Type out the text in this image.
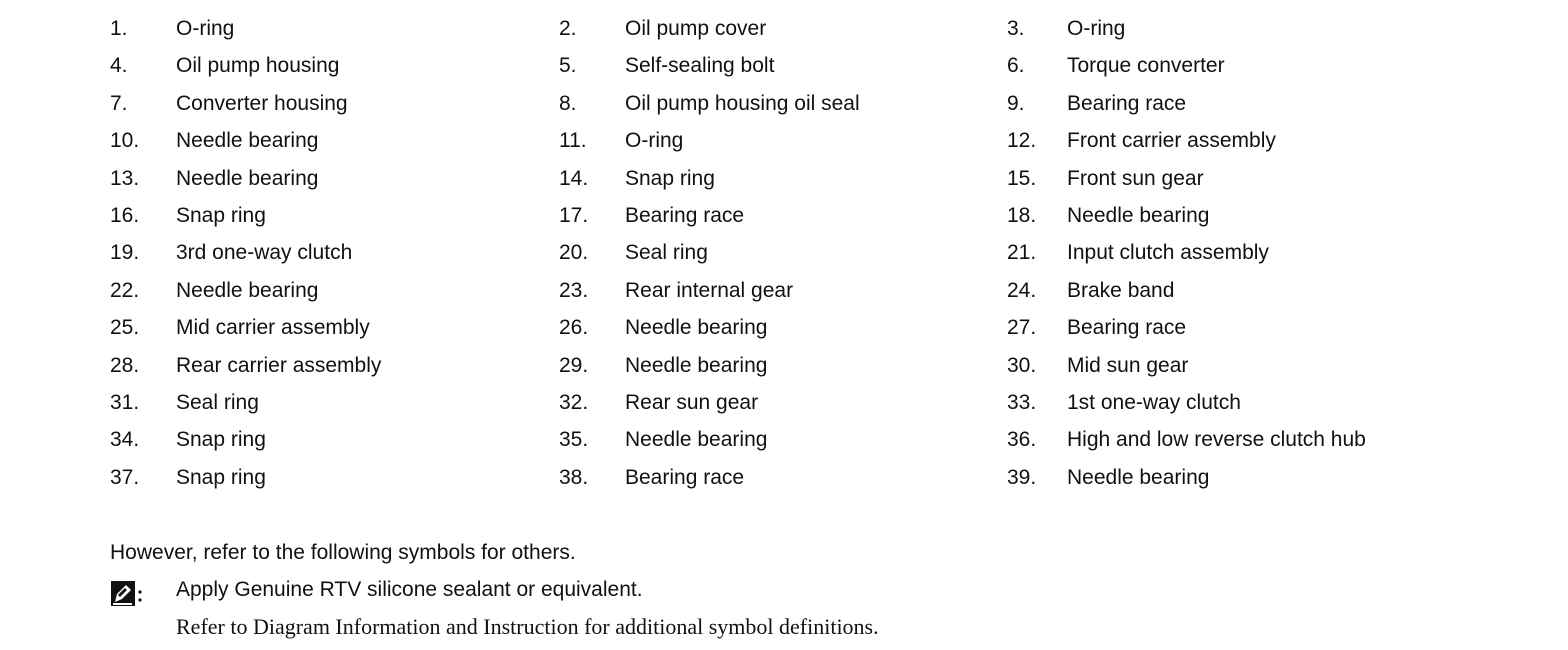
1. O-ring	2. Oil pump cover	3. O-ring
4. Oil pump housing	5. Self-sealing bolt	6. Torque converter
7. Converter housing	8. Oil pump housing oil seal	9. Bearing race
10. Needle bearing	11. O-ring	12. Front carrier assembly
13. Needle bearing	14. Snap ring	15. Front sun gear
16. Snap ring	17. Bearing race	18. Needle bearing
19. 3rd one-way clutch	20. Seal ring	21. Input clutch assembly
22. Needle bearing	23. Rear internal gear	24. Brake band
25. Mid carrier assembly	26. Needle bearing	27. Bearing race
28. Rear carrier assembly	29. Needle bearing	30. Mid sun gear
31. Seal ring	32. Rear sun gear	33. 1st one-way clutch
34. Snap ring	35. Needle bearing	36. High and low reverse clutch hub
37. Snap ring	38. Bearing race	39. Needle bearing
However, refer to the following symbols for others.
Apply Genuine RTV silicone sealant or equivalent.
Refer to Diagram Information and Instruction for additional symbol definitions.
